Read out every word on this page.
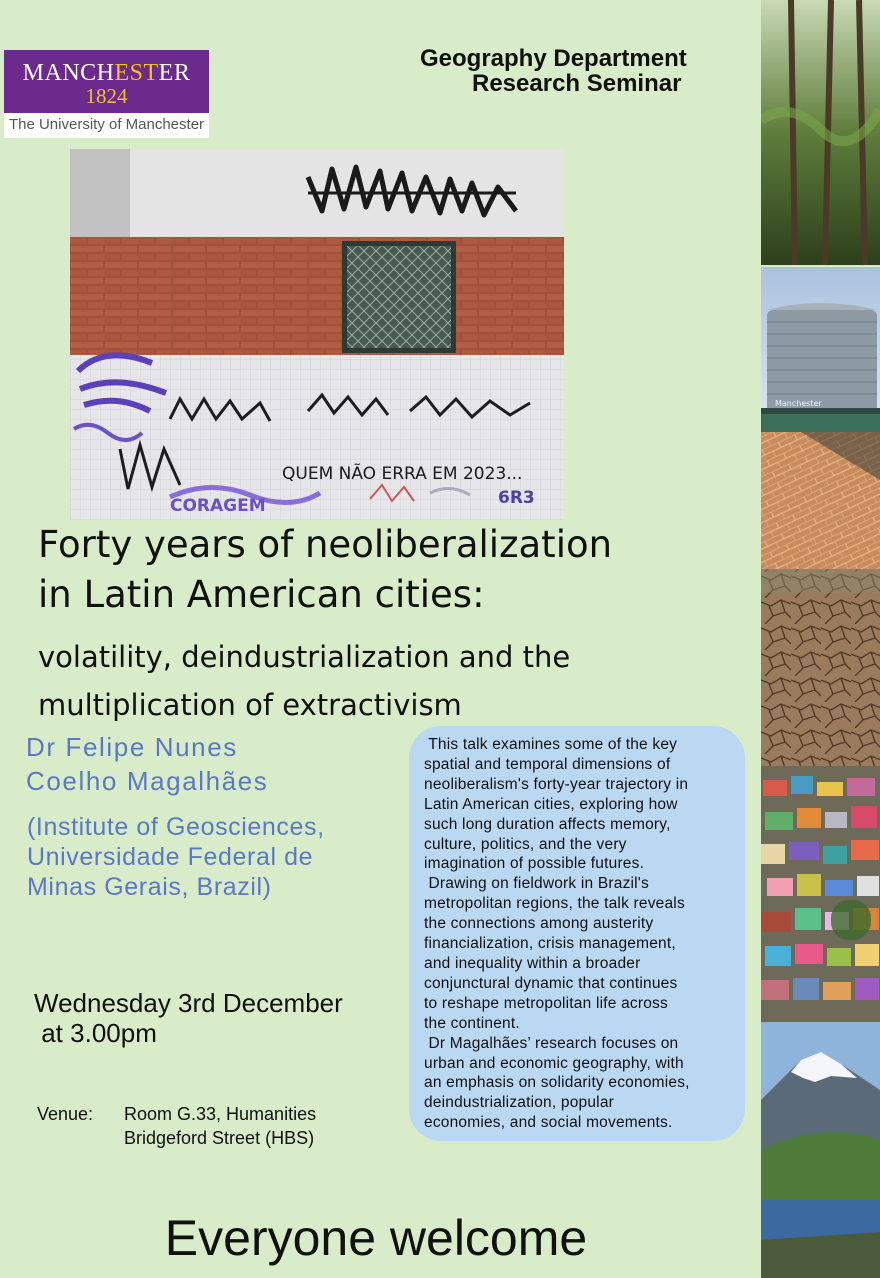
MANCHESTER
1824
The University of Manchester
Geography Department
Research Seminar
QUEM NÃO ERRA EM 2023...
CORAGEM	6R3
Manchester
Forty years of neoliberalization
in Latin American cities:
volatility, deindustrialization and the
multiplication of extractivism
Dr Felipe Nunes
Coelho Magalhães
(Institute of Geosciences,
Universidade Federal de
Minas Gerais, Brazil)
Wednesday 3rd December
at 3.00pm
Venue: Room G.33, Humanities
Bridgeford Street (HBS)

This talk examines some of the key

spatial and temporal dimensions of

neoliberalism's forty-year trajectory in

Latin American cities, exploring how

such long duration affects memory,

culture, politics, and the very

imagination of possible futures.

Drawing on fieldwork in Brazil's

metropolitan regions, the talk reveals

the connections among austerity

financialization, crisis management,

and inequality within a broader

conjunctural dynamic that continues

to reshape metropolitan life across

the continent.

Dr Magalhães’ research focuses on

urban and economic geography, with

an emphasis on solidarity economies,

deindustrialization, popular

economies, and social movements.

Everyone welcome
